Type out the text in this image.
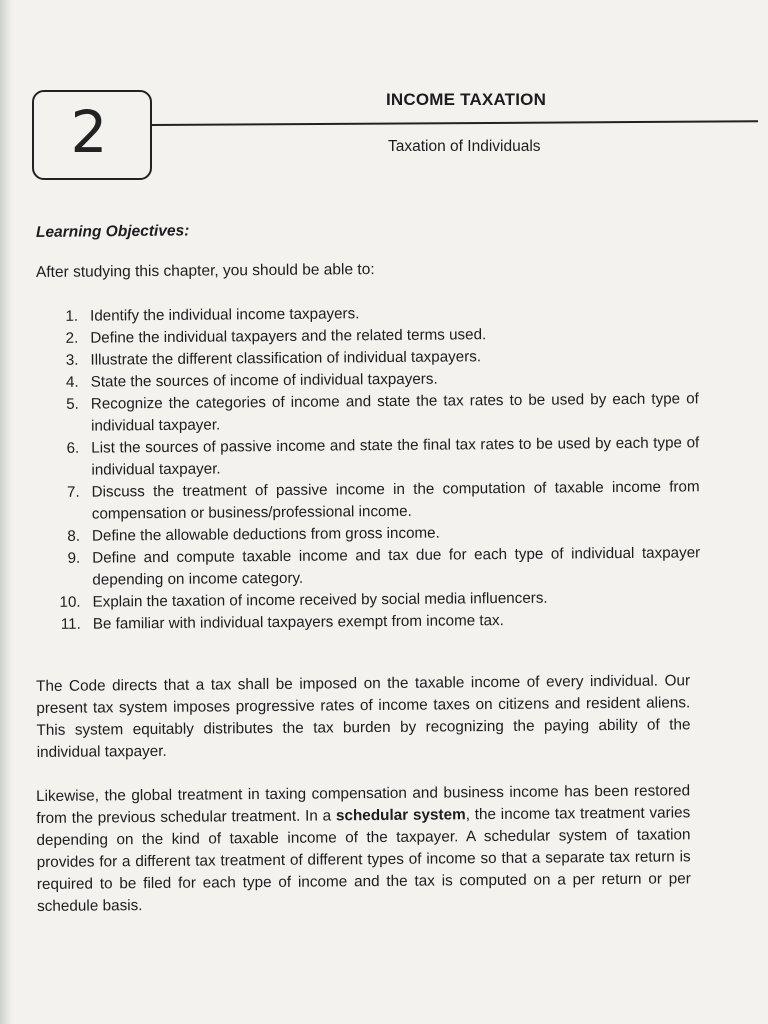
2	INCOME TAXATION
Taxation of Individuals
Learning Objectives:
After studying this chapter, you should be able to:
1. Identify the individual income taxpayers.
2. Define the individual taxpayers and the related terms used.
3. Illustrate the different classification of individual taxpayers.
4. State the sources of income of individual taxpayers.
5. Recognize the categories of income and state the tax rates to be used by each type of individual taxpayer.
6. List the sources of passive income and state the final tax rates to be used by each type of individual taxpayer.
7. Discuss the treatment of passive income in the computation of taxable income from compensation or business/professional income.
8. Define the allowable deductions from gross income.
9. Define and compute taxable income and tax due for each type of individual taxpayer depending on income category.
10. Explain the taxation of income received by social media influencers.
11. Be familiar with individual taxpayers exempt from income tax.

The Code directs that a tax shall be imposed on the taxable income of every individual. Our present tax system imposes progressive rates of income taxes on citizens and resident aliens. This system equitably distributes the tax burden by recognizing the paying ability of the individual taxpayer.

Likewise, the global treatment in taxing compensation and business income has been restored from the previous schedular treatment. In a schedular system, the income tax treatment varies depending on the kind of taxable income of the taxpayer. A schedular system of taxation provides for a different tax treatment of different types of income so that a separate tax return is required to be filed for each type of income and the tax is computed on a per return or per schedule basis.
